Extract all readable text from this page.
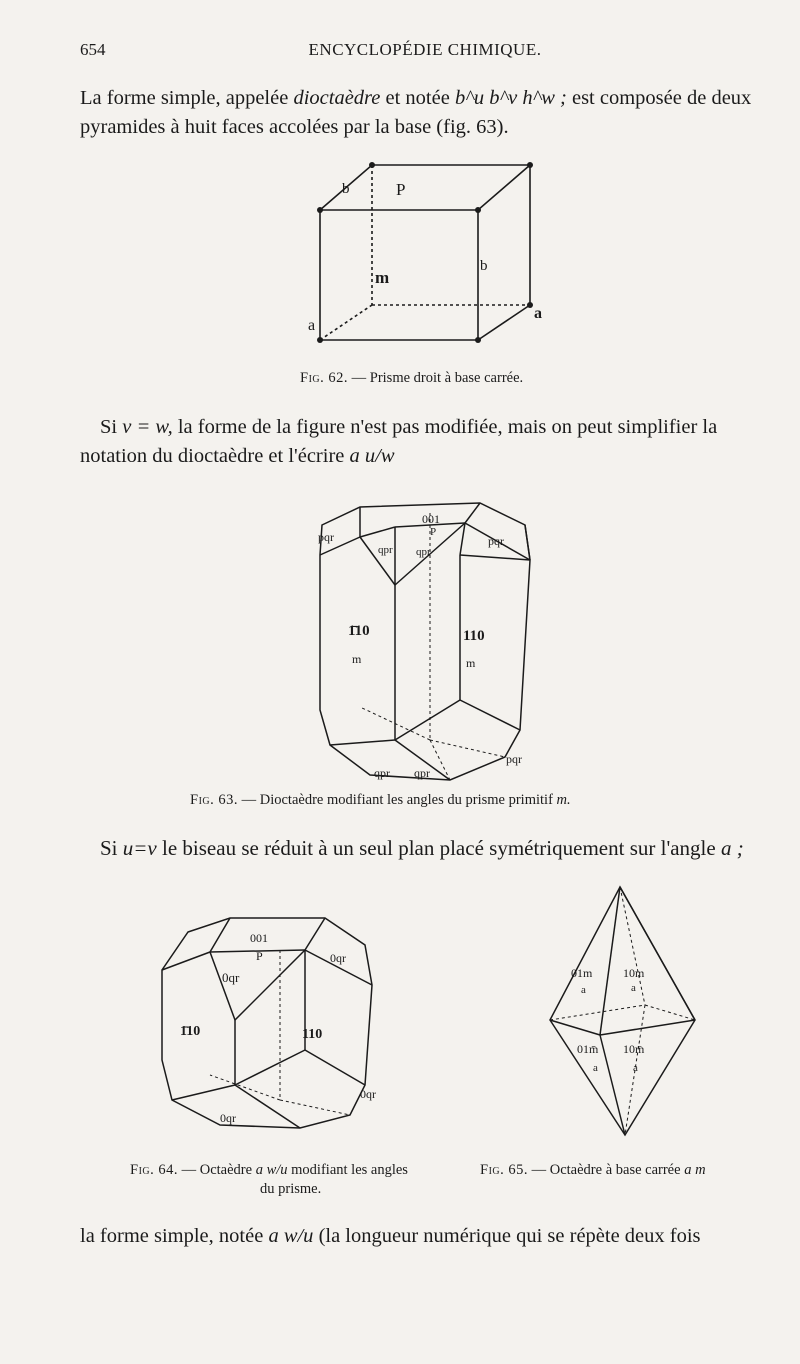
654	ENCYCLOPÉDIE CHIMIQUE.

La forme simple, appelée dioctaèdre et notée b^u b^v h^w ; est composée de deux

pyramides à huit faces accolées par la base (fig. 63).

P
m
a
a
b
b
Fig. 62. — Prisme droit à base carrée.

Si v = w, la forme de la figure n'est pas modifiée, mais on peut simplifier la

notation du dioctaèdre et l'écrire a u/w

001
P
pqr	pqr
qpr qpr
1̄10	110
m	m
qpr qpr
pqr
Fig. 63. — Dioctaèdre modifiant les angles du prisme primitif m.
Si u=v le biseau se réduit à un seul plan placé symétriquement sur l'angle a ;
001
P
0qr
0qr
1̄10	110
0qr
0qr
Fig. 64. — Octaèdre a w/u modifiant les angles
du prisme.
01m	10m
a	a
01m̄ 10m̄
a	a
Fig. 65. — Octaèdre à base carrée a m
la forme simple, notée a w/u (la longueur numérique qui se répète deux fois
